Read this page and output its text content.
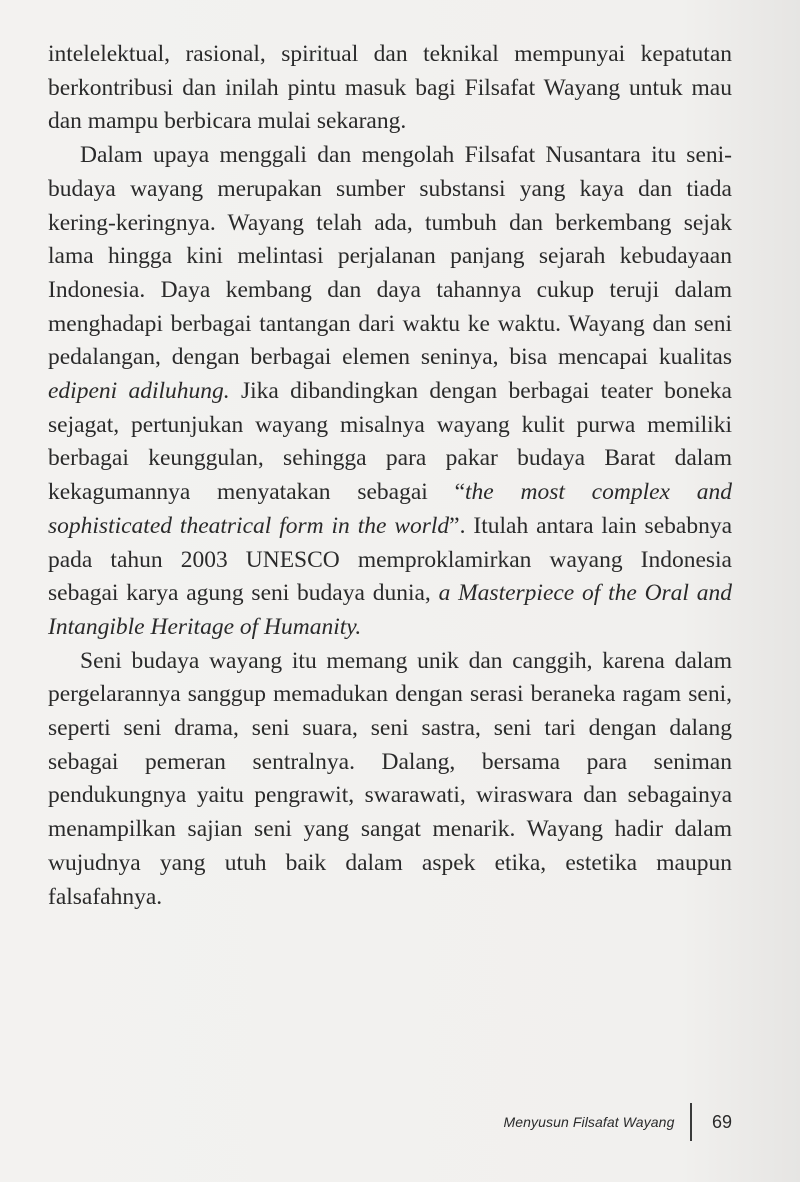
intelelektual, rasional, spiritual dan teknikal mempunyai kepatutan berkontribusi dan inilah pintu masuk bagi Filsafat Wayang untuk mau dan mampu berbicara mulai sekarang.

Dalam upaya menggali dan mengolah Filsafat Nusantara itu seni-budaya wayang merupakan sumber substansi yang kaya dan tiada kering-keringnya. Wayang telah ada, tumbuh dan berkembang sejak lama hingga kini melintasi perjalanan panjang sejarah kebudayaan Indonesia. Daya kembang dan daya tahannya cukup teruji dalam menghadapi berbagai tantangan dari waktu ke waktu. Wayang dan seni pedalangan, dengan berbagai elemen seninya, bisa mencapai kualitas edipeni adiluhung. Jika dibandingkan dengan berbagai teater boneka sejagat, pertunjukan wayang misalnya wayang kulit purwa memiliki berbagai keunggulan, sehingga para pakar budaya Barat dalam kekagumannya menyatakan sebagai “the most complex and sophisticated theatrical form in the world”. Itulah antara lain sebabnya pada tahun 2003 UNESCO memproklamirkan wayang Indonesia sebagai karya agung seni budaya dunia, a Masterpiece of the Oral and Intangible Heritage of Humanity.

Seni budaya wayang itu memang unik dan canggih, karena dalam pergelarannya sanggup memadukan dengan serasi beraneka ragam seni, seperti seni drama, seni suara, seni sastra, seni tari dengan dalang sebagai pemeran sentralnya. Dalang, bersama para seniman pendukungnya yaitu pengrawit, swarawati, wiraswara dan sebagainya menampilkan sajian seni yang sangat menarik. Wayang hadir dalam wujudnya yang utuh baik dalam aspek etika, estetika maupun falsafahnya.

Menyusun Filsafat Wayang 69
